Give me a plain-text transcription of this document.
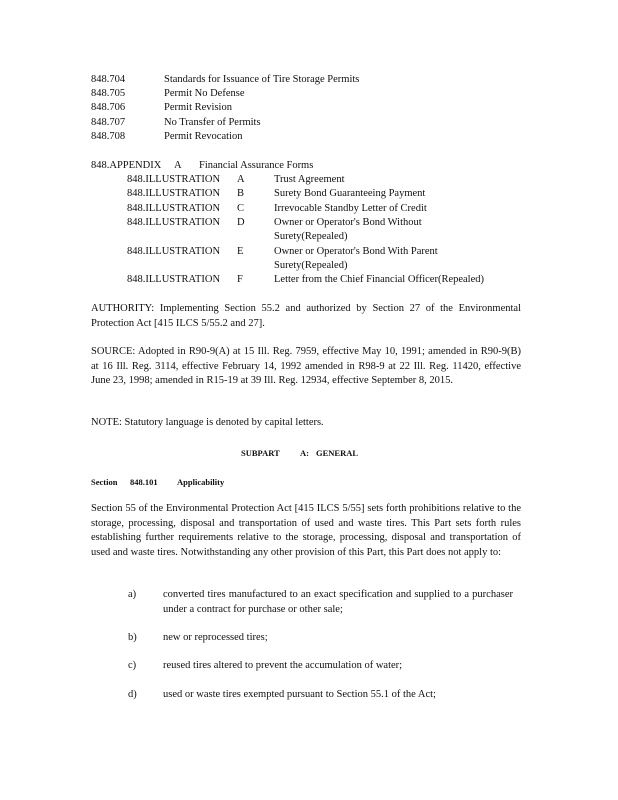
848.704	Standards for Issuance of Tire Storage Permits
848.705	Permit No Defense
848.706	Permit Revision
848.707	No Transfer of Permits
848.708	Permit Revocation
848.APPENDIX A Financial Assurance Forms
848.ILLUSTRATION A	Trust Agreement
848.ILLUSTRATION B	Surety Bond Guaranteeing Payment
848.ILLUSTRATION C	Irrevocable Standby Letter of Credit
848.ILLUSTRATION D	Owner or Operator's Bond Without
Surety(Repealed)
848.ILLUSTRATION E	Owner or Operator's Bond With Parent
Surety(Repealed)
848.ILLUSTRATION F	Letter from the Chief Financial Officer(Repealed)
AUTHORITY: Implementing Section 55.2 and authorized by Section 27 of the Environmental Protection Act [415 ILCS 5/55.2 and 27].
SOURCE: Adopted in R90-9(A) at 15 Ill. Reg. 7959, effective May 10, 1991; amended in R90-9(B) at 16 Ill. Reg. 3114, effective February 14, 1992 amended in R98-9 at 22 Ill. Reg. 11420, effective June 23, 1998; amended in R15-19 at 39 Ill. Reg. 12934, effective September 8, 2015.
NOTE: Statutory language is denoted by capital letters.
SUBPART A: GENERAL
Section 848.101 Applicability
Section 55 of the Environmental Protection Act [415 ILCS 5/55] sets forth prohibitions relative to the storage, processing, disposal and transportation of used and waste tires. This Part sets forth rules establishing further requirements relative to the storage, processing, disposal and transportation of used and waste tires. Notwithstanding any other provision of this Part, this Part does not apply to:
a)	converted tires manufactured to an exact specification and supplied to a purchaser under a contract for purchase or other sale;
b)	new or reprocessed tires;
c)	reused tires altered to prevent the accumulation of water;
d)	used or waste tires exempted pursuant to Section 55.1 of the Act;
